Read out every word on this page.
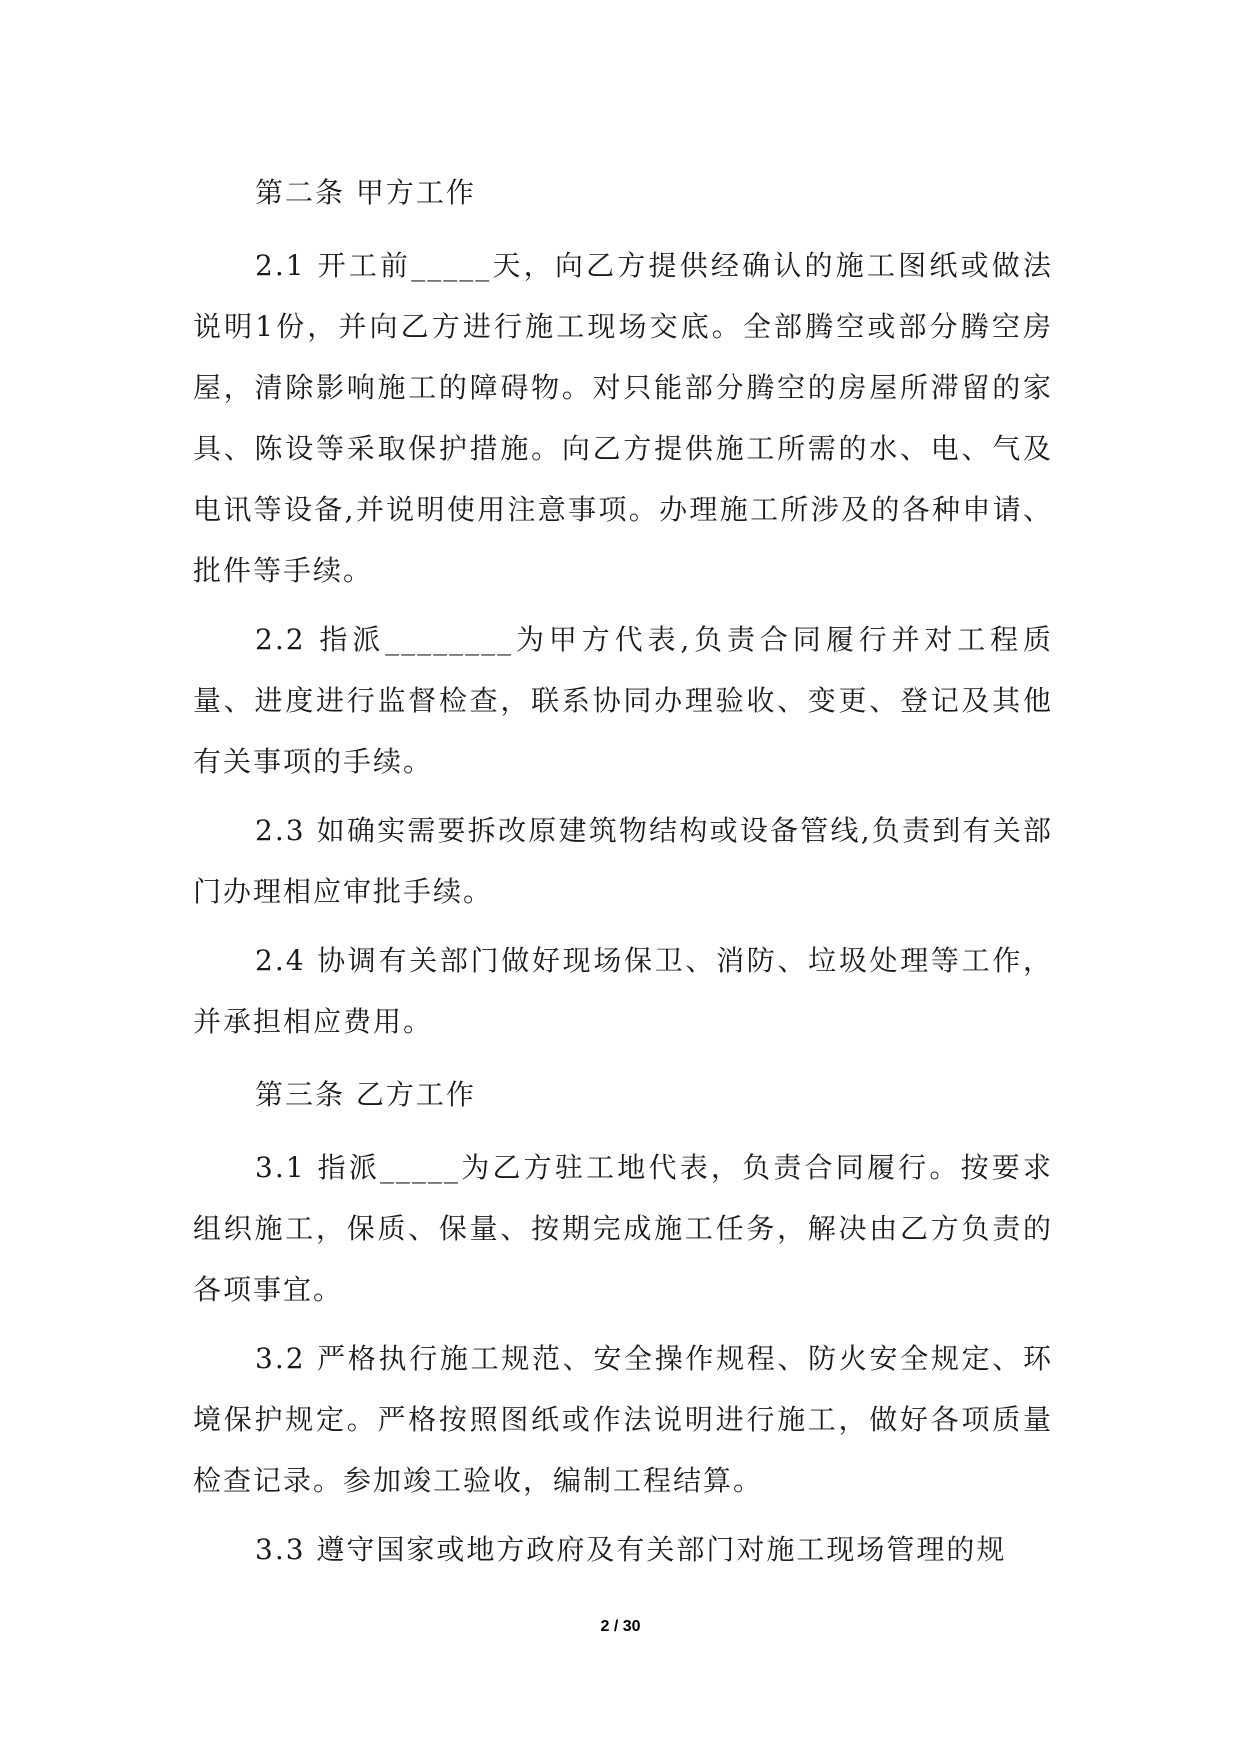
第二条 甲方工作

2.1 开工前_____天，向乙方提供经确认的施工图纸或做法说明1份，并向乙方进行施工现场交底。全部腾空或部分腾空房屋，清除影响施工的障碍物。对只能部分腾空的房屋所滞留的家具、陈设等采取保护措施。向乙方提供施工所需的水、电、气及电讯等设备,并说明使用注意事项。办理施工所涉及的各种申请、批件等手续。

2.2 指派________为甲方代表,负责合同履行并对工程质量、进度进行监督检查，联系协同办理验收、变更、登记及其他有关事项的手续。

2.3 如确实需要拆改原建筑物结构或设备管线,负责到有关部门办理相应审批手续。

2.4 协调有关部门做好现场保卫、消防、垃圾处理等工作，并承担相应费用。

第三条 乙方工作

3.1 指派_____为乙方驻工地代表，负责合同履行。按要求组织施工，保质、保量、按期完成施工任务，解决由乙方负责的各项事宜。

3.2 严格执行施工规范、安全操作规程、防火安全规定、环境保护规定。严格按照图纸或作法说明进行施工，做好各项质量检查记录。参加竣工验收，编制工程结算。

3.3 遵守国家或地方政府及有关部门对施工现场管理的规

2 / 30
